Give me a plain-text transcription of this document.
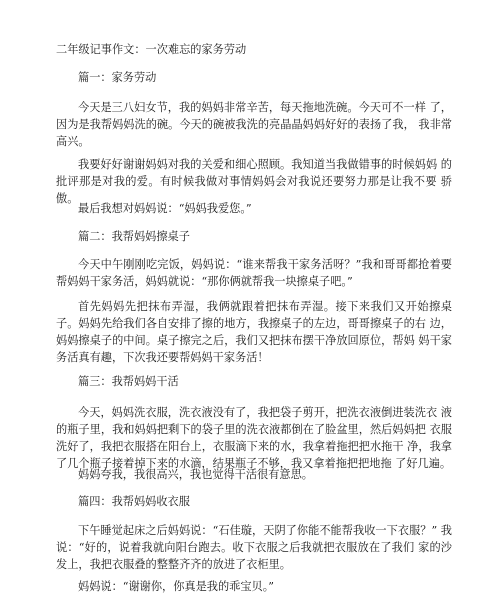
二年级记事作文：一次难忘的家务劳动
篇一：家务劳动

今天是三八妇女节，我的妈妈非常辛苦，每天拖地洗碗。今天可不一样 了，因为是我帮妈妈洗的碗。今天的碗被我洗的亮晶晶妈妈好好的表扬了我， 我非常高兴。

我要好好谢谢妈妈对我的关爱和细心照顾。我知道当我做错事的时候妈妈 的批评那是对我的爱。有时候我做对事情妈妈会对我说还要努力那是让我不要 骄傲。

最后我想对妈妈说：“妈妈我爱您。”

篇二：我帮妈妈擦桌子

今天中午刚刚吃完饭，妈妈说：“谁来帮我干家务活呀？”我和哥哥都抢着要帮妈妈干家务活，妈妈就说：“那你俩就帮我一块擦桌子吧。”

首先妈妈先把抹布弄湿，我俩就跟着把抹布弄湿。接下来我们又开始擦桌 子。妈妈先给我们各自安排了擦的地方，我擦桌子的左边，哥哥擦桌子的右 边，妈妈擦桌子的中间。桌子擦完之后，我们又把抹布摆干净放回原位，帮妈 妈干家务活真有趣，下次我还要帮妈妈干家务活！

篇三：我帮妈妈干活

今天，妈妈洗衣服，洗衣液没有了，我把袋子剪开，把洗衣液倒进装洗衣 液的瓶子里，我和妈妈把剩下的袋子里的洗衣液都倒在了脸盆里，然后妈妈把 衣服洗好了，我把衣服搭在阳台上，衣服滴下来的水，我拿着拖把把水拖干 净，我拿了几个瓶子接着掉下来的水滴，结果瓶子不够，我又拿着拖把把地拖 了好几遍。

妈妈夸我，我很高兴，我也觉得干活很有意思。

篇四：我帮妈妈收衣服

下午睡觉起床之后妈妈说：“石佳璇，天阴了你能不能帮我收一下衣服？” 我说：“好的，说着我就向阳台跑去。收下衣服之后我就把衣服放在了我们 家的沙发上，我把衣服叠的整整齐齐的放进了衣柜里。

妈妈说：“谢谢你，你真是我的乖宝贝。”
